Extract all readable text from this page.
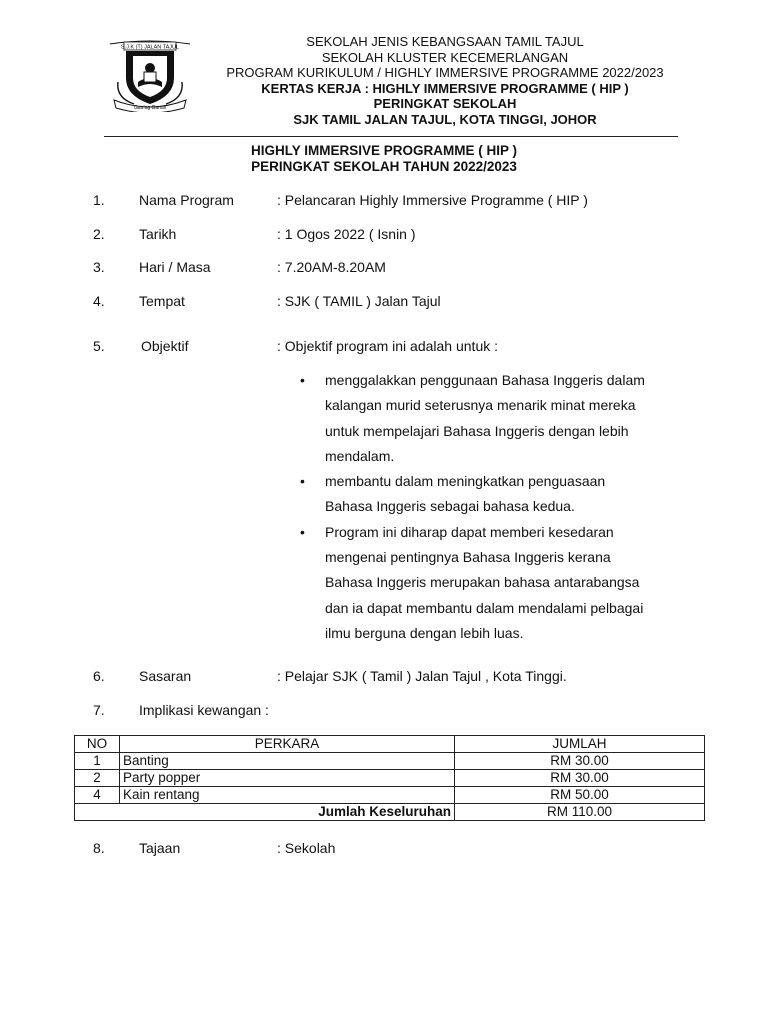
S.J.K (T) JALAN TAJUL
1957
Ꮐaa!ag Ꮐanall
SEKOLAH JENIS KEBANGSAAN TAMIL TAJUL
SEKOLAH KLUSTER KECEMERLANGAN
PROGRAM KURIKULUM / HIGHLY IMMERSIVE PROGRAMME 2022/2023
KERTAS KERJA : HIGHLY IMMERSIVE PROGRAMME ( HIP )
PERINGKAT SEKOLAH
SJK TAMIL JALAN TAJUL, KOTA TINGGI, JOHOR
HIGHLY IMMERSIVE PROGRAMME ( HIP )
PERINGKAT SEKOLAH TAHUN 2022/2023
1. Nama Program	: Pelancaran Highly Immersive Programme ( HIP )
2. Tarikh	: 1 Ogos 2022 ( Isnin )
3. Hari / Masa	: 7.20AM-8.20AM
4. Tempat	: SJK ( TAMIL ) Jalan Tajul
5.	Objektif	: Objektif program ini adalah untuk :
• menggalakkan penggunaan Bahasa Inggeris dalam
kalangan murid seterusnya menarik minat mereka
untuk mempelajari Bahasa Inggeris dengan lebih
mendalam.
• membantu dalam meningkatkan penguasaan
Bahasa Inggeris sebagai bahasa kedua.
• Program ini diharap dapat memberi kesedaran
mengenai pentingnya Bahasa Inggeris kerana
Bahasa Inggeris merupakan bahasa antarabangsa
dan ia dapat membantu dalam mendalami pelbagai
ilmu berguna dengan lebih luas.
6. Sasaran	: Pelajar SJK ( Tamil ) Jalan Tajul , Kota Tinggi.
7. Implikasi kewangan :
NO	PERKARA	JUMLAH
1	Banting	RM 30.00
2	Party popper	RM 30.00
4	Kain rentang	RM 50.00
Jumlah Keseluruhan		RM 110.00
8. Tajaan	: Sekolah
